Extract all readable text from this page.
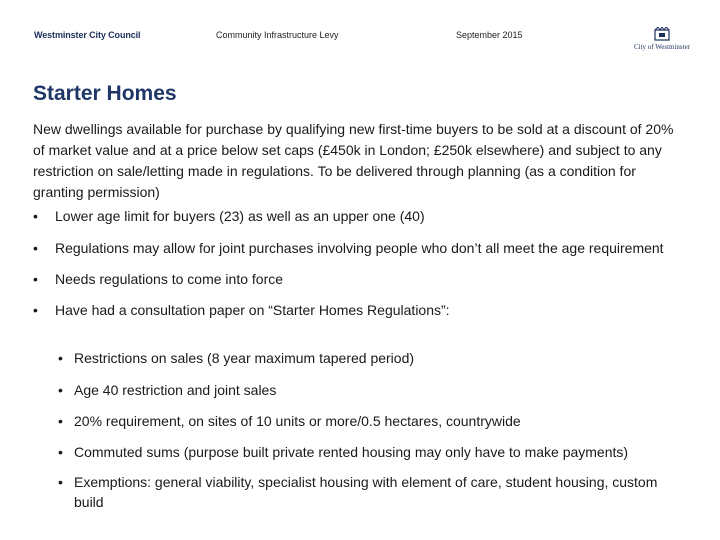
Westminster City Council	Community Infrastructure Levy	September 2015
City of Westminster
Starter Homes

New dwellings available for purchase by qualifying new first-time buyers to be sold at a discount of 20% of market value and at a price below set caps (£450k in London; £250k elsewhere) and subject to any restriction on sale/letting made in regulations. To be delivered through planning (as a condition for granting permission)

• Lower age limit for buyers (23) as well as an upper one (40)
• Regulations may allow for joint purchases involving people who don’t all meet the age requirement
• Needs regulations to come into force
• Have had a consultation paper on “Starter Homes Regulations”:
• Restrictions on sales (8 year maximum tapered period)
• Age 40 restriction and joint sales
• 20% requirement, on sites of 10 units or more/0.5 hectares, countrywide
• Commuted sums (purpose built private rented housing may only have to make payments)
• Exemptions: general viability, specialist housing with element of care, student housing, custom build
